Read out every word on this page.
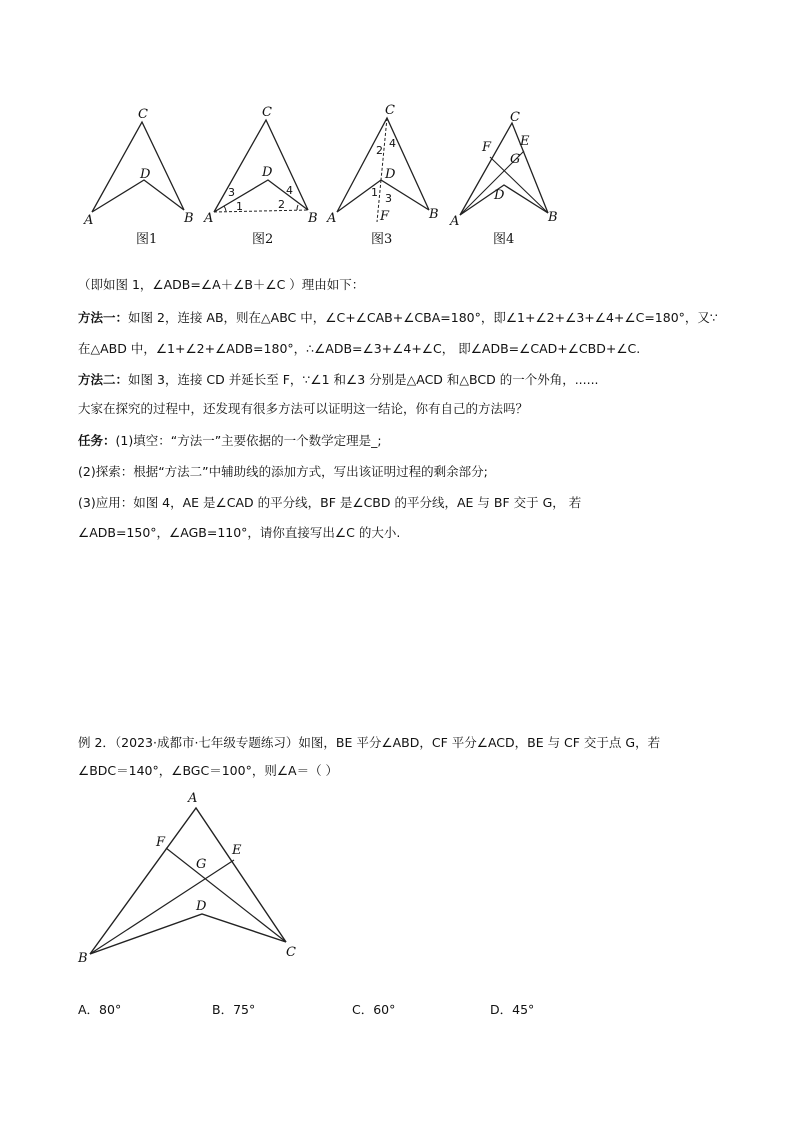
C
D
A	B
图1
C
D
A	B
1	2
3	4
图2
C
D
A	B
F
1
2
3
4
图3
C
E
F
G
D
A	B
图4
（即如图 1，∠ADB=∠A＋∠B＋∠C ）理由如下：
方法一：如图 2，连接 AB，则在△ABC 中，∠C+∠CAB+∠CBA=180°，即∠1+∠2+∠3+∠4+∠C=180°，又∵
在△ABD 中，∠1+∠2+∠ADB=180°，∴∠ADB=∠3+∠4+∠C， 即∠ADB=∠CAD+∠CBD+∠C.
方法二：如图 3，连接 CD 并延长至 F，∵∠1 和∠3 分别是△ACD 和△BCD 的一个外角，......
大家在探究的过程中，还发现有很多方法可以证明这一结论，你有自己的方法吗？
任务：(1)填空：“方法一”主要依据的一个数学定理是_;
(2)探索：根据“方法二”中辅助线的添加方式，写出该证明过程的剩余部分;
(3)应用：如图 4，AE 是∠CAD 的平分线，BF 是∠CBD 的平分线，AE 与 BF 交于 G， 若
∠ADB=150°，∠AGB=110°，请你直接写出∠C 的大小.
例 2．（2023·成都市·七年级专题练习）如图，BE 平分∠ABD，CF 平分∠ACD，BE 与 CF 交于点 G，若
∠BDC＝140°，∠BGC＝100°，则∠A＝（ ）
A
F
E
G
D
B	C
A．80°	B．75°	C．60°	D．45°
